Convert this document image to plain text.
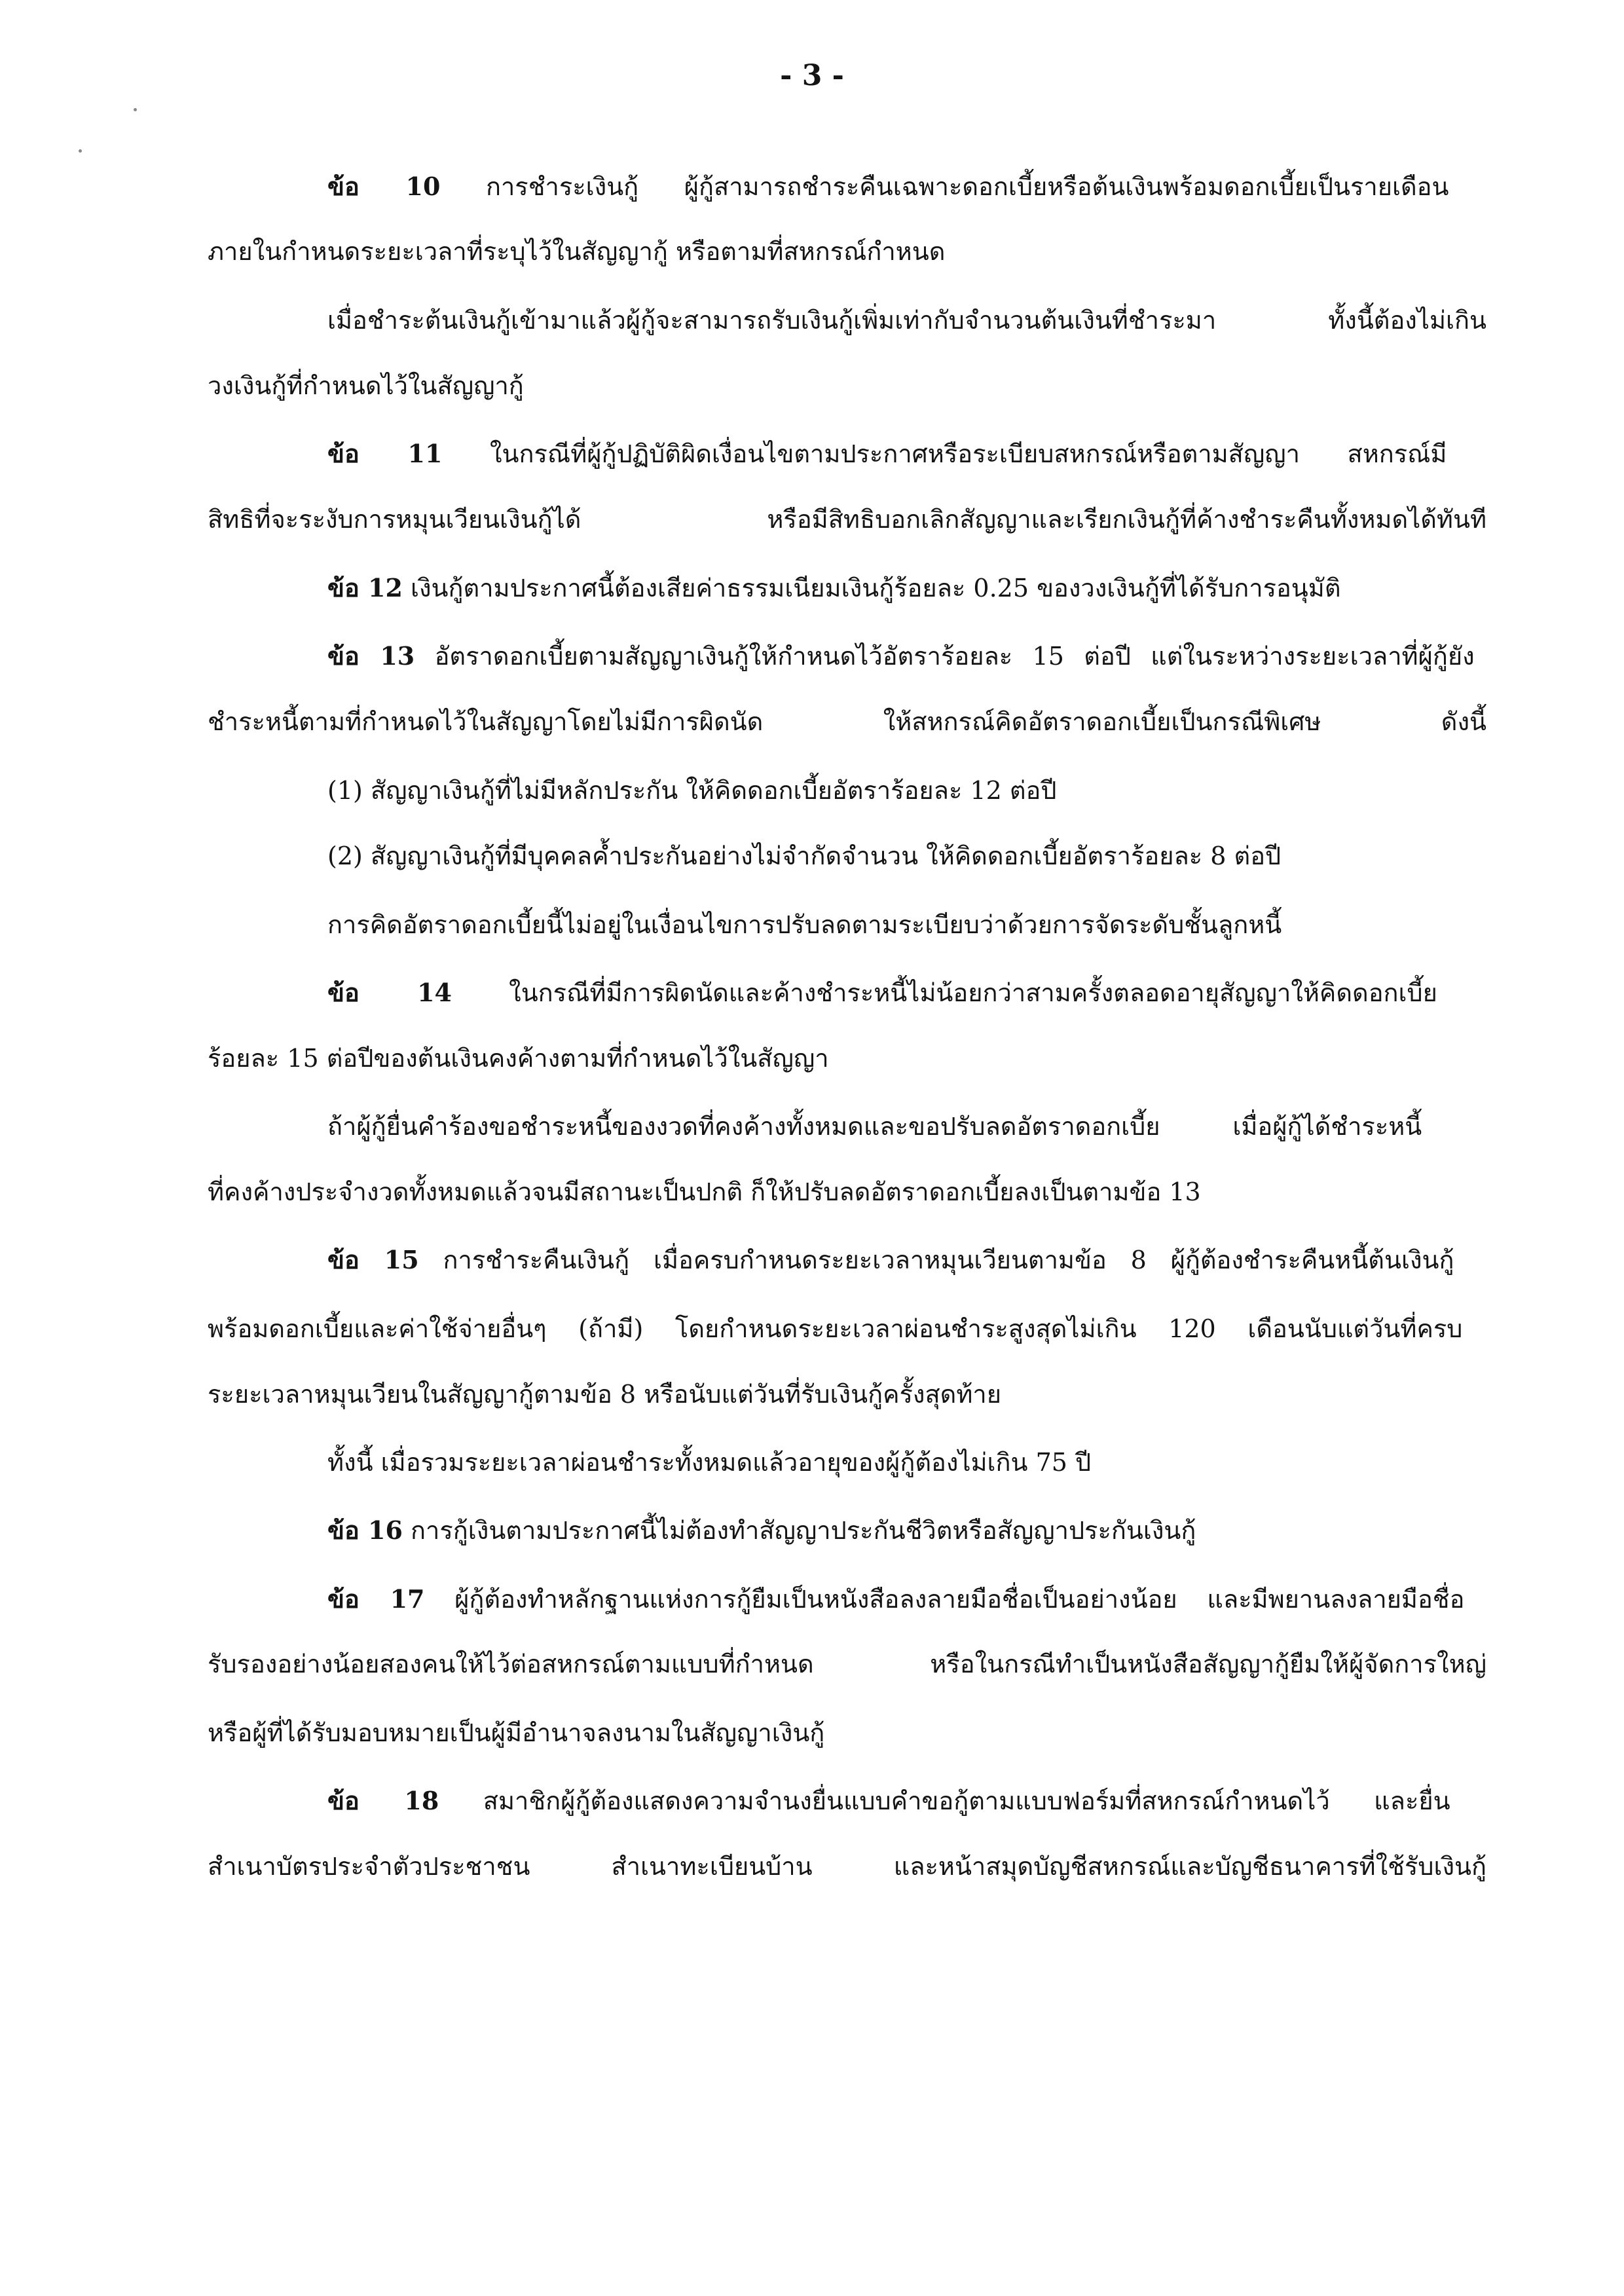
- 3 -
ข้อ 10 การชำระเงินกู้ ผู้กู้สามารถชำระคืนเฉพาะดอกเบี้ยหรือต้นเงินพร้อมดอกเบี้ยเป็นรายเดือน
ภายในกำหนดระยะเวลาที่ระบุไว้ในสัญญากู้ หรือตามที่สหกรณ์กำหนด
เมื่อชำระต้นเงินกู้เข้ามาแล้วผู้กู้จะสามารถรับเงินกู้เพิ่มเท่ากับจำนวนต้นเงินที่ชำระมา ทั้งนี้ต้องไม่เกิน
วงเงินกู้ที่กำหนดไว้ในสัญญากู้
ข้อ 11 ในกรณีที่ผู้กู้ปฏิบัติผิดเงื่อนไขตามประกาศหรือระเบียบสหกรณ์หรือตามสัญญา สหกรณ์มี
สิทธิที่จะระงับการหมุนเวียนเงินกู้ได้ หรือมีสิทธิบอกเลิกสัญญาและเรียกเงินกู้ที่ค้างชำระคืนทั้งหมดได้ทันที
ข้อ 12 เงินกู้ตามประกาศนี้ต้องเสียค่าธรรมเนียมเงินกู้ร้อยละ 0.25 ของวงเงินกู้ที่ได้รับการอนุมัติ
ข้อ 13 อัตราดอกเบี้ยตามสัญญาเงินกู้ให้กำหนดไว้อัตราร้อยละ 15 ต่อปี แต่ในระหว่างระยะเวลาที่ผู้กู้ยัง
ชำระหนี้ตามที่กำหนดไว้ในสัญญาโดยไม่มีการผิดนัด ให้สหกรณ์คิดอัตราดอกเบี้ยเป็นกรณีพิเศษ ดังนี้
(1) สัญญาเงินกู้ที่ไม่มีหลักประกัน ให้คิดดอกเบี้ยอัตราร้อยละ 12 ต่อปี
(2) สัญญาเงินกู้ที่มีบุคคลค้ำประกันอย่างไม่จำกัดจำนวน ให้คิดดอกเบี้ยอัตราร้อยละ 8 ต่อปี
การคิดอัตราดอกเบี้ยนี้ไม่อยู่ในเงื่อนไขการปรับลดตามระเบียบว่าด้วยการจัดระดับชั้นลูกหนี้
ข้อ 14 ในกรณีที่มีการผิดนัดและค้างชำระหนี้ไม่น้อยกว่าสามครั้งตลอดอายุสัญญาให้คิดดอกเบี้ย
ร้อยละ 15 ต่อปีของต้นเงินคงค้างตามที่กำหนดไว้ในสัญญา
ถ้าผู้กู้ยื่นคำร้องขอชำระหนี้ของงวดที่คงค้างทั้งหมดและขอปรับลดอัตราดอกเบี้ย เมื่อผู้กู้ได้ชำระหนี้
ที่คงค้างประจำงวดทั้งหมดแล้วจนมีสถานะเป็นปกติ ก็ให้ปรับลดอัตราดอกเบี้ยลงเป็นตามข้อ 13
ข้อ 15 การชำระคืนเงินกู้ เมื่อครบกำหนดระยะเวลาหมุนเวียนตามข้อ 8 ผู้กู้ต้องชำระคืนหนี้ต้นเงินกู้
พร้อมดอกเบี้ยและค่าใช้จ่ายอื่นๆ (ถ้ามี) โดยกำหนดระยะเวลาผ่อนชำระสูงสุดไม่เกิน 120 เดือนนับแต่วันที่ครบ
ระยะเวลาหมุนเวียนในสัญญากู้ตามข้อ 8 หรือนับแต่วันที่รับเงินกู้ครั้งสุดท้าย
ทั้งนี้ เมื่อรวมระยะเวลาผ่อนชำระทั้งหมดแล้วอายุของผู้กู้ต้องไม่เกิน 75 ปี
ข้อ 16 การกู้เงินตามประกาศนี้ไม่ต้องทำสัญญาประกันชีวิตหรือสัญญาประกันเงินกู้
ข้อ 17 ผู้กู้ต้องทำหลักฐานแห่งการกู้ยืมเป็นหนังสือลงลายมือชื่อเป็นอย่างน้อย และมีพยานลงลายมือชื่อ
รับรองอย่างน้อยสองคนให้ไว้ต่อสหกรณ์ตามแบบที่กำหนด หรือในกรณีทำเป็นหนังสือสัญญากู้ยืมให้ผู้จัดการใหญ่
หรือผู้ที่ได้รับมอบหมายเป็นผู้มีอำนาจลงนามในสัญญาเงินกู้
ข้อ 18 สมาชิกผู้กู้ต้องแสดงความจำนงยื่นแบบคำขอกู้ตามแบบฟอร์มที่สหกรณ์กำหนดไว้ และยื่น
สำเนาบัตรประจำตัวประชาชน สำเนาทะเบียนบ้าน และหน้าสมุดบัญชีสหกรณ์และบัญชีธนาคารที่ใช้รับเงินกู้
